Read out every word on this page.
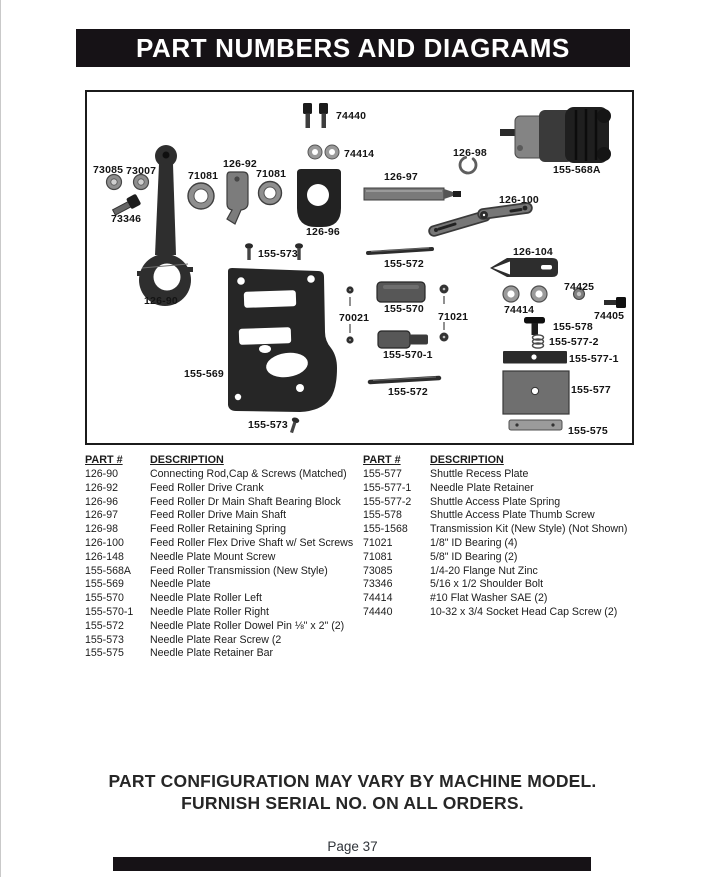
PART NUMBERS AND DIAGRAMS
74440
74414
73085 73007	71081
126-92
71081
126-98
126-97
155-568A
126-100
73346
126-96
155-573
155-572
126-104
126-90
74425
74414
70021
155-570
71021	74405
155-578
155-577-2
155-570-1	155-577-1
155-569
155-577
155-572
155-573	155-575
PART #	DESCRIPTION
126-90	Connecting Rod,Cap & Screws (Matched)
126-92	Feed Roller Drive Crank
126-96	Feed Roller Dr Main Shaft Bearing Block
126-97	Feed Roller Drive Main Shaft
126-98	Feed Roller Retaining Spring
126-100	Feed Roller Flex Drive Shaft w/ Set Screws
126-148	Needle Plate Mount Screw
155-568A	Feed Roller Transmission (New Style)
155-569	Needle Plate
155-570	Needle Plate Roller Left
155-570-1	Needle Plate Roller Right
155-572	Needle Plate Roller Dowel Pin ⅛" x 2" (2)
155-573	Needle Plate Rear Screw (2
155-575	Needle Plate Retainer Bar
PART #	DESCRIPTION
155-577	Shuttle Recess Plate
155-577-1	Needle Plate Retainer
155-577-2	Shuttle Access Plate Spring
155-578	Shuttle Access Plate Thumb Screw
155-1568	Transmission Kit (New Style) (Not Shown)
71021	1/8" ID Bearing (4)
71081	5/8" ID Bearing (2)
73085	1/4-20 Flange Nut Zinc
73346	5/16 x 1/2 Shoulder Bolt
74414	#10 Flat Washer SAE (2)
74440	10-32 x 3/4 Socket Head Cap Screw (2)
PART CONFIGURATION MAY VARY BY MACHINE MODEL.
FURNISH SERIAL NO. ON ALL ORDERS.
Page 37
